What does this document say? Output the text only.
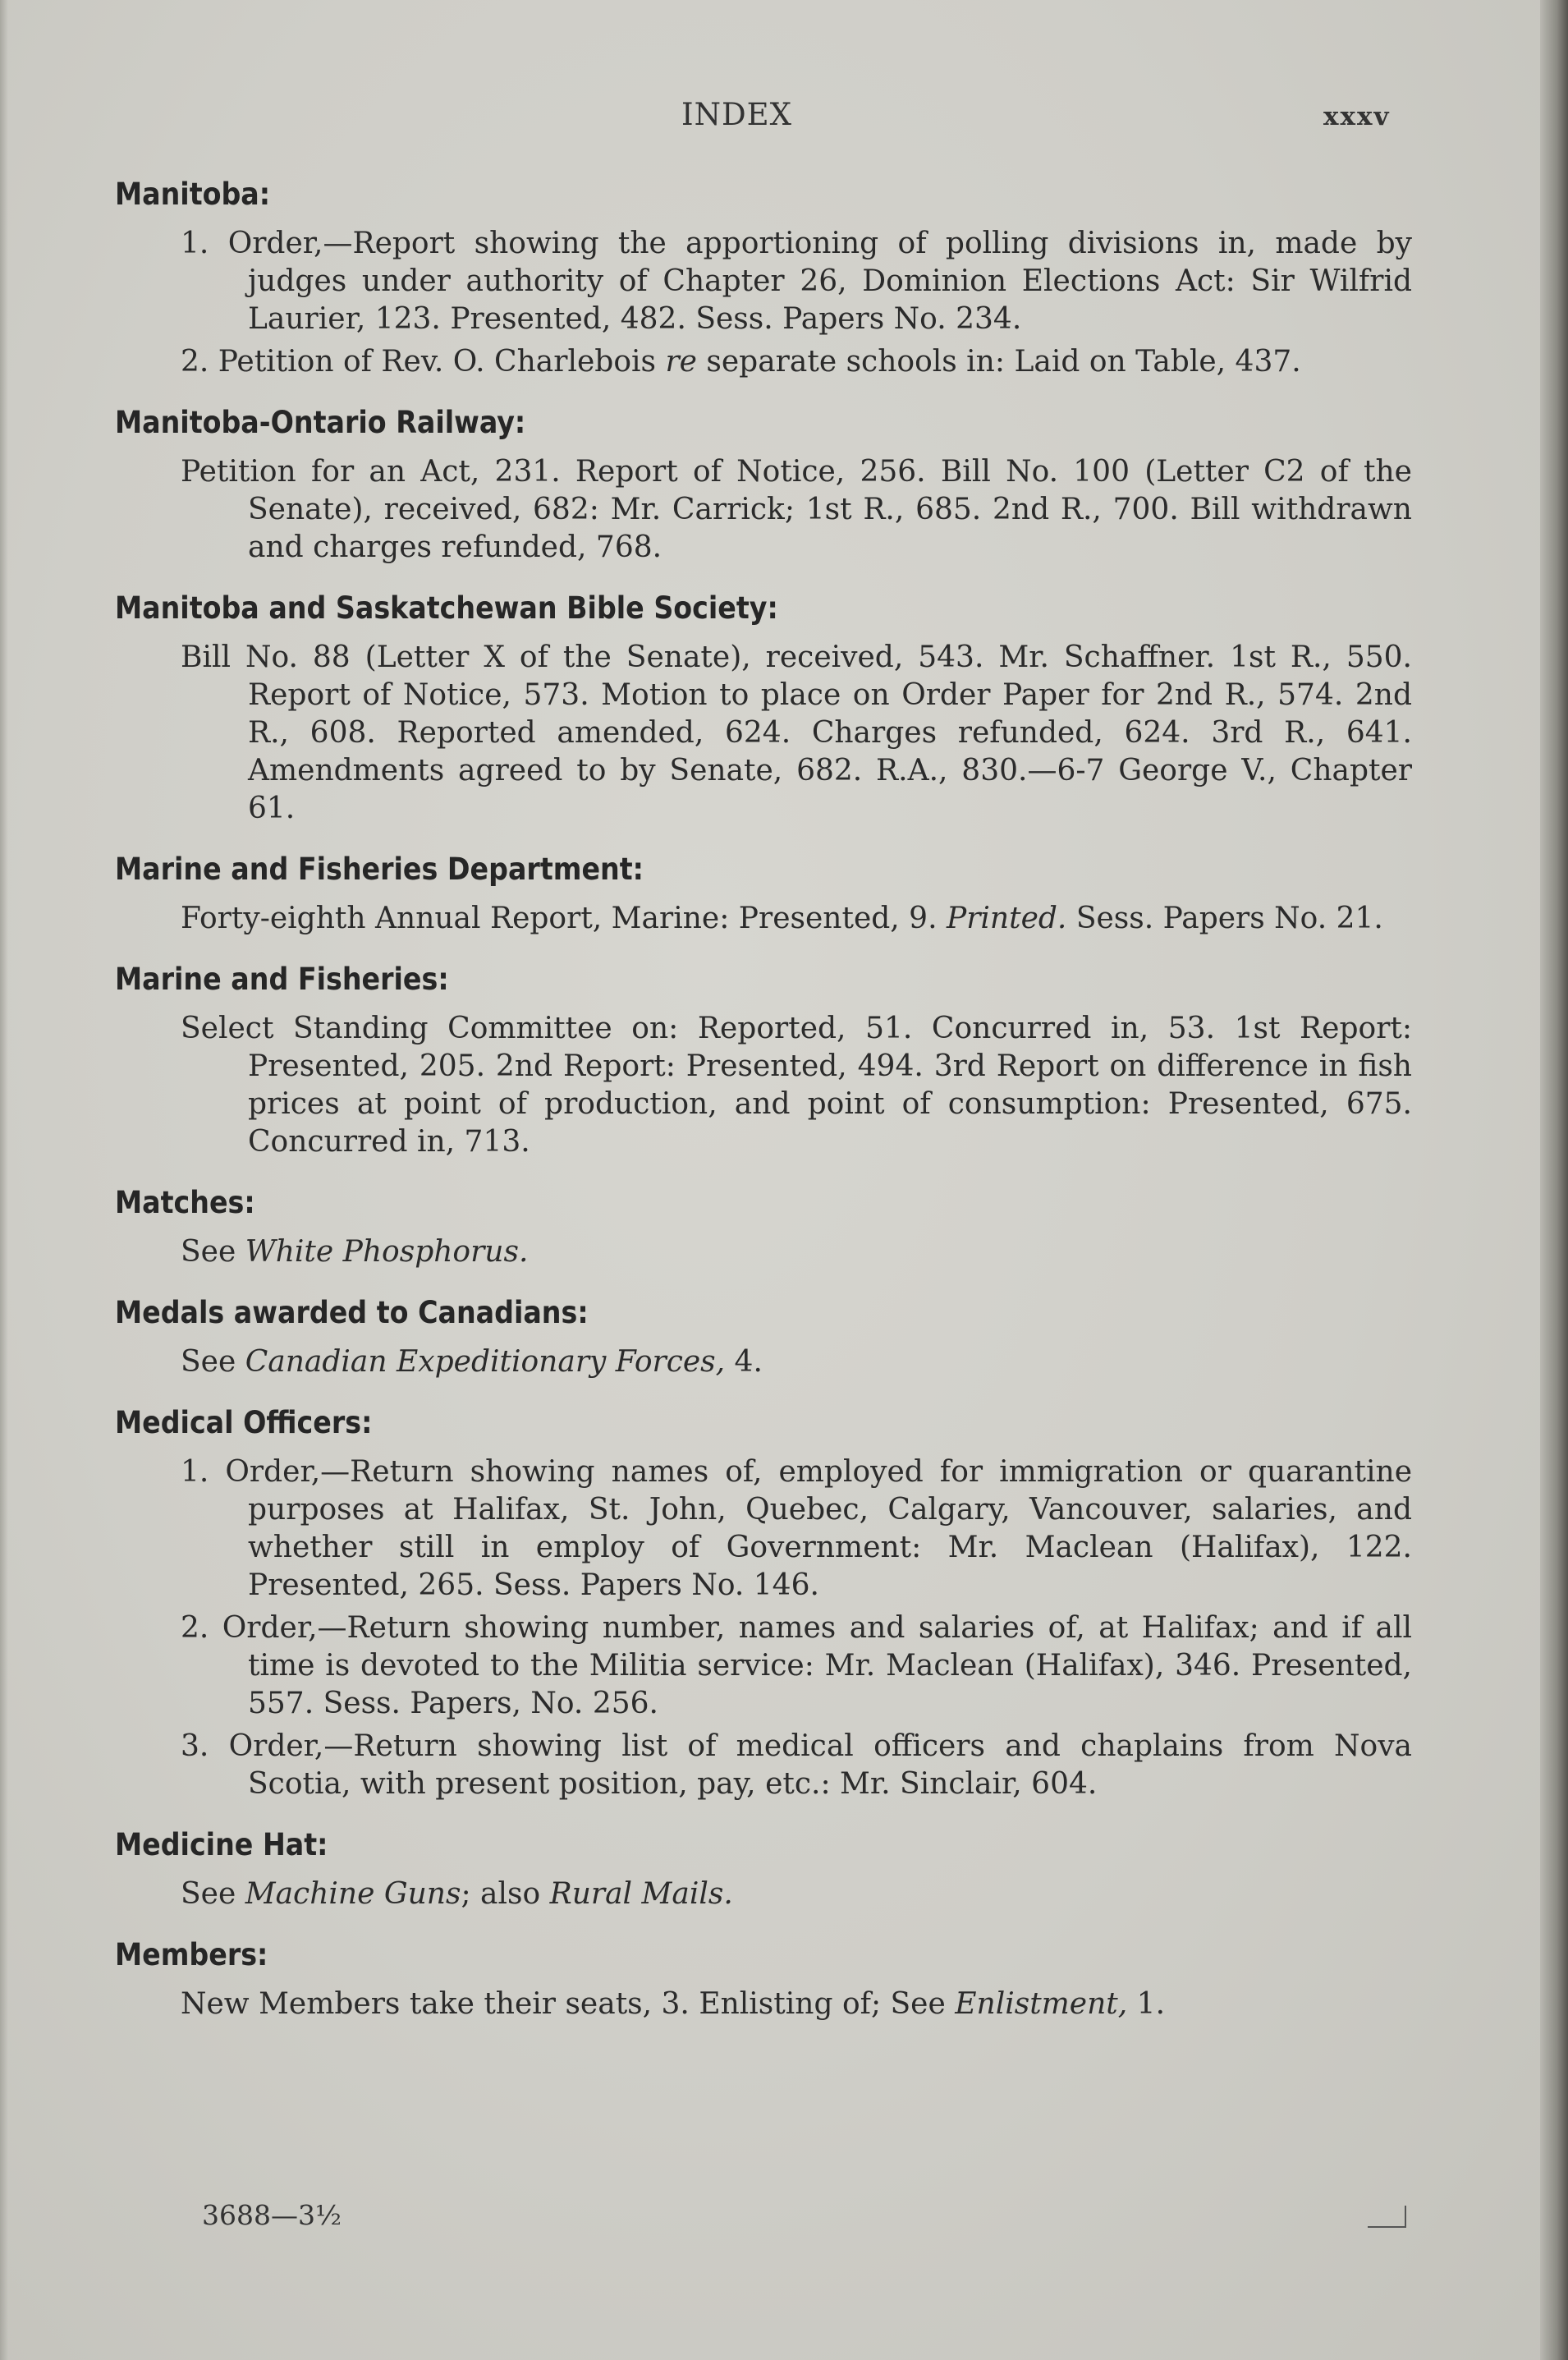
INDEX	xxxv
Manitoba:
1. Order,—Report showing the apportioning of polling divisions in, made by judges under authority of Chapter 26, Dominion Elections Act: Sir Wilfrid Laurier, 123. Presented, 482. Sess. Papers No. 234.
2. Petition of Rev. O. Charlebois re separate schools in: Laid on Table, 437.
Manitoba-Ontario Railway:
Petition for an Act, 231. Report of Notice, 256. Bill No. 100 (Letter C2 of the Senate), received, 682: Mr. Carrick; 1st R., 685. 2nd R., 700. Bill withdrawn and charges refunded, 768.
Manitoba and Saskatchewan Bible Society:
Bill No. 88 (Letter X of the Senate), received, 543. Mr. Schaffner. 1st R., 550. Report of Notice, 573. Motion to place on Order Paper for 2nd R., 574. 2nd R., 608. Reported amended, 624. Charges refunded, 624. 3rd R., 641. Amendments agreed to by Senate, 682. R.A., 830.—6-7 George V., Chapter 61.
Marine and Fisheries Department:
Forty-eighth Annual Report, Marine: Presented, 9. Printed. Sess. Papers No. 21.
Marine and Fisheries:
Select Standing Committee on: Reported, 51. Concurred in, 53. 1st Report: Presented, 205. 2nd Report: Presented, 494. 3rd Report on difference in fish prices at point of production, and point of consumption: Presented, 675. Concurred in, 713.
Matches:
See White Phosphorus.
Medals awarded to Canadians:
See Canadian Expeditionary Forces, 4.
Medical Officers:
1. Order,—Return showing names of, employed for immigration or quarantine purposes at Halifax, St. John, Quebec, Calgary, Vancouver, salaries, and whether still in employ of Government: Mr. Maclean (Halifax), 122. Presented, 265. Sess. Papers No. 146.
2. Order,—Return showing number, names and salaries of, at Halifax; and if all time is devoted to the Militia service: Mr. Maclean (Halifax), 346. Presented, 557. Sess. Papers, No. 256.
3. Order,—Return showing list of medical officers and chaplains from Nova Scotia, with present position, pay, etc.: Mr. Sinclair, 604.
Medicine Hat:
See Machine Guns; also Rural Mails.
Members:
New Members take their seats, 3. Enlisting of; See Enlistment, 1.
3688—3½
